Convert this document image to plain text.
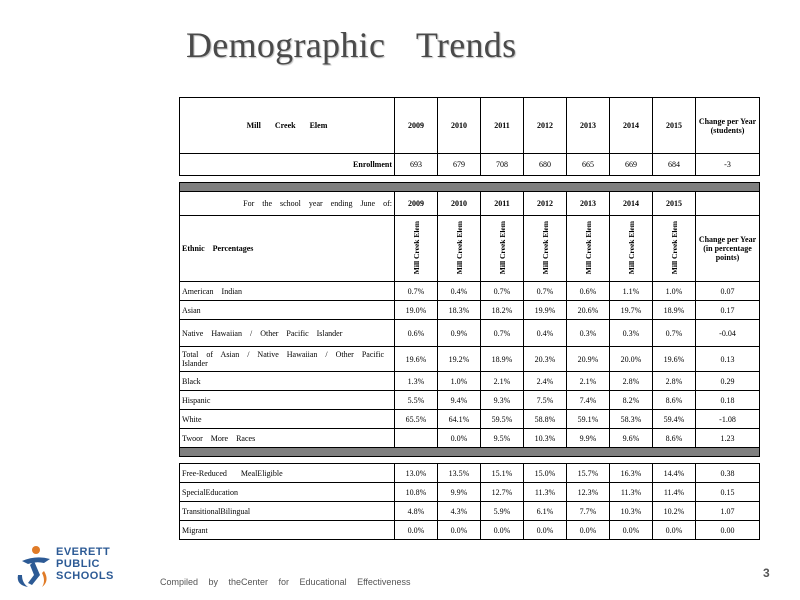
Demographic Trends
Mill Creek Elem	2009	2010	2011	2012	2013	2014	2015	Change per Year (students)
Enrollment	693	679	708	680	665	669	684	-3

For the school year ending June of:	2009	2010	2011	2012	2013	2014	2015	
Ethnic Percentages	Mill Creek Elem	Mill Creek Elem	Mill Creek Elem	Mill Creek Elem	Mill Creek Elem	Mill Creek Elem	Mill Creek Elem	Change per Year (in percentage points)
American Indian	0.7%	0.4%	0.7%	0.7%	0.6%	1.1%	1.0%	0.07
Asian	19.0%	18.3%	18.2%	19.9%	20.6%	19.7%	18.9%	0.17
Native Hawaiian / Other Pacific Islander	0.6%	0.9%	0.7%	0.4%	0.3%	0.3%	0.7%	-0.04
Total of Asian / Native Hawaiian / Other Pacific Islander	19.6%	19.2%	18.9%	20.3%	20.9%	20.0%	19.6%	0.13
Black	1.3%	1.0%	2.1%	2.4%	2.1%	2.8%	2.8%	0.29
Hispanic	5.5%	9.4%	9.3%	7.5%	7.4%	8.2%	8.6%	0.18
White	65.5%	64.1%	59.5%	58.8%	59.1%	58.3%	59.4%	-1.08
Twoor More Races		0.0%	9.5%	10.3%	9.9%	9.6%	8.6%	1.23

Free-Reduced MealEligible	13.0%	13.5%	15.1%	15.0%	15.7%	16.3%	14.4%	0.38
SpecialEducation	10.8%	9.9%	12.7%	11.3%	12.3%	11.3%	11.4%	0.15
TransitionalBilingual	4.8%	4.3%	5.9%	6.1%	7.7%	10.3%	10.2%	1.07
Migrant	0.0%	0.0%	0.0%	0.0%	0.0%	0.0%	0.0%	0.00
EVERETT
PUBLIC
SCHOOLS	Compiled by theCenter for Educational Effectiveness
3
